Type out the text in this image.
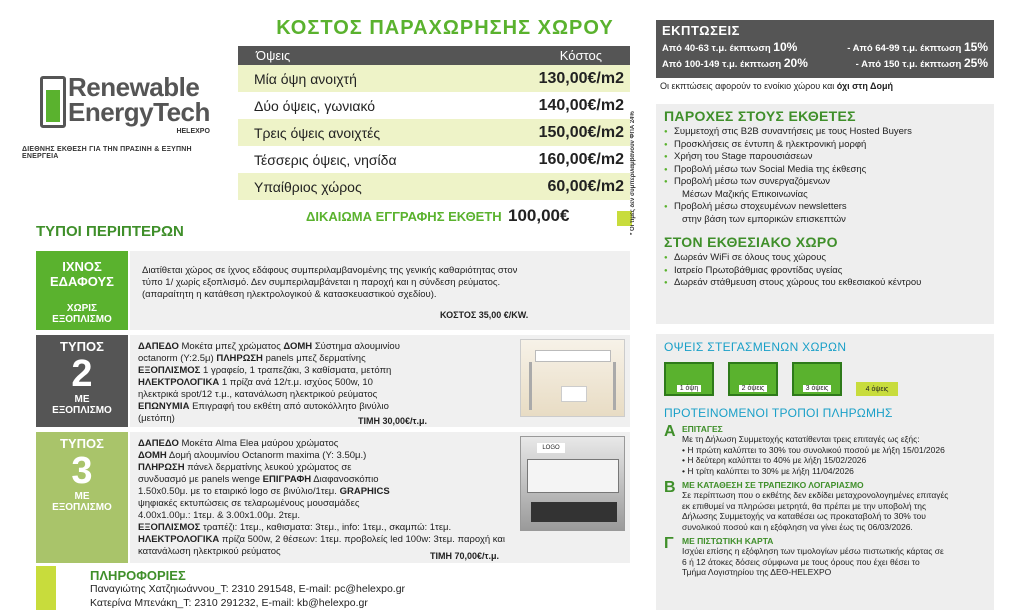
Renewable
EnergyTech
HELEXPO
ΔΙΕΘΝΗΣ ΕΚΘΕΣΗ ΓΙΑ ΤΗΝ ΠΡΑΣΙΝΗ & ΕΞΥΠΝΗ ΕΝΕΡΓΕΙΑ
ΚΟΣΤΟΣ ΠΑΡΑΧΩΡΗΣΗΣ ΧΩΡΟΥ
Όψεις	Κόστος
Μία όψη ανοιχτή	130,00€/m2
Δύο όψεις, γωνιακό	140,00€/m2
Τρεις όψεις ανοιχτές	150,00€/m2
Τέσσερις όψεις, νησίδα	160,00€/m2
Υπαίθριος χώρος	60,00€/m2
ΔΙΚΑΙΩΜΑ ΕΓΓΡΑΦΗΣ ΕΚΘΕΤΗ 100,00€	* Οι τιμές δεν συμπεριλαμβάνουν ΦΠΑ 24%
ΕΚΠΤΩΣΕΙΣ
Από 40-63 τ.μ. έκπτωση 10%	- Από 64-99 τ.μ. έκπτωση 15%
Από 100-149 τ.μ. έκπτωση 20%	- Από 150 τ.μ. έκπτωση 25%
Οι εκπτώσεις αφορούν το ενοίκιο χώρου και όχι στη Δομή
ΠΑΡΟΧΕΣ ΣΤΟΥΣ ΕΚΘΕΤΕΣ
● Συμμετοχή στις B2B συναντήσεις με τους Hosted Buyers
● Προσκλήσεις σε έντυπη & ηλεκτρονική μορφή
● Χρήση του Stage παρουσιάσεων
● Προβολή μέσω των Social Media της έκθεσης
● Προβολή μέσω των συνεργαζόμενων
Μέσων Μαζικής Επικοινωνίας
● Προβολή μέσω στοχευμένων newsletters
στην βάση των εμπορικών επισκεπτών
ΣΤΟΝ ΕΚΘΕΣΙΑΚΟ ΧΩΡΟ
● Δωρεάν WiFi σε όλους τους χώρους
● Ιατρείο Πρωτοβάθμιας φροντίδας υγείας
● Δωρεάν στάθμευση στους χώρους του εκθεσιακού κέντρου
ΤΥΠΟΙ ΠΕΡΙΠΤΕΡΩΝ
ΙΧΝΟΣ
ΕΔΑΦΟΥΣ
ΧΩΡΙΣ
ΕΞΟΠΛΙΣΜΟ
Διατίθεται χώρος σε ίχνος εδάφους συμπεριλαμβανομένης της γενικής καθαριότητας στον τύπο 1/ χωρίς εξοπλισμό. Δεν συμπεριλαμβάνεται η παροχή και η σύνδεση ρεύματος. (απαραίτητη η κατάθεση ηλεκτρολογικού & κατασκευαστικού σχεδίου).
ΚΟΣΤΟΣ 35,00 €/KW.
ΤΥΠΟΣ
2
ΜΕ
ΕΞΟΠΛΙΣΜΟ
ΔΑΠΕΔΟ Μοκέτα μπεζ χρώματος ΔΟΜΗ Σύστημα αλουμινίου octanorm (Y:2.5μ) ΠΛΗΡΩΣΗ panels μπεζ δερματίνης
ΕΞΟΠΛΙΣΜΟΣ 1 γραφείο, 1 τραπεζάκι, 3 καθίσματα, μετόπη
ΗΛΕΚΤΡΟΛΟΓΙΚΑ 1 πρίζα ανά 12/τ.μ. ισχύος 500w, 10 ηλεκτρικά spot/12 τ.μ., κατανάλωση ηλεκτρικού ρεύματος
ΕΠΩΝΥΜΙΑ Επιγραφή του εκθέτη από αυτοκόλλητο βινύλιο (μετόπη)	ΤΙΜΗ 30,00€/τ.μ.
ΤΥΠΟΣ
3
ΜΕ
ΕΞΟΠΛΙΣΜΟ
ΔΑΠΕΔΟ Μοκέτα Alma Elea μαύρου χρώματος
ΔΟΜΗ Δομή αλουμινίου Octanorm maxima (Y: 3.50μ.)
ΠΛΗΡΩΣΗ πάνελ δερματίνης λευκού χρώματος σε συνδυασμό με panels wenge ΕΠΙΓΡΑΦΗ Διαφανοσκόπιο 1.50x0.50μ. με το εταιρικό logo σε βινύλιο/1τεμ. GRAPHICS ψηφιακές εκτυπώσεις σε τελαρωμένους μουσαμάδες 4.00x1.00μ.: 1τεμ. & 3.00x1.00μ. 2τεμ.
ΕΞΟΠΛΙΣΜΟΣ τραπέζι: 1τεμ., καθισματα: 3τεμ., info: 1τεμ., σκαμπώ: 1τεμ. ΗΛΕΚΤΡΟΛΟΓΙΚΑ πρίζα 500w, 2 θέσεων: 1τεμ. προβολείς led 100w: 3τεμ. παροχή και κατανάλωση ηλεκτρικού ρεύματος	ΤΙΜΗ 70,00€/τ.μ.
LOGO
ΠΛΗΡΟΦΟΡΙΕΣ
Παναγιώτης Χατζηιωάννου_T: 2310 291548, E-mail: pc@helexpo.gr
Κατερίνα Μπενάκη_T: 2310 291232, E-mail: kb@helexpo.gr
ΟΨΕΙΣ ΣΤΕΓΑΣΜΕΝΩΝ ΧΩΡΩΝ
1 όψη	2 όψεις	3 όψεις	4 όψεις
ΠΡΟΤΕΙΝΟΜΕΝΟΙ ΤΡΟΠΟΙ ΠΛΗΡΩΜΗΣ
Α ΕΠΙΤΑΓΕΣ
Με τη Δήλωση Συμμετοχής κατατίθενται τρεις επιταγές ως εξής:
• Η πρώτη καλύπτει το 30% του συνολικού ποσού με λήξη 15/01/2026
• Η δεύτερη καλύπτει το 40% με λήξη 15/02/2026
• Η τρίτη καλύπτει το 30% με λήξη 11/04/2026
Β ΜΕ ΚΑΤΑΘΕΣΗ ΣΕ ΤΡΑΠΕΖΙΚΟ ΛΟΓΑΡΙΑΣΜΟ
Σε περίπτωση που ο εκθέτης δεν εκδίδει μεταχρονολογημένες επιταγές
εκ επιθυμεί να πληρώσει μετρητά, θα πρέπει με την υποβολή της
Δήλωσης Συμμετοχής να καταθέσει ως προκαταβολή το 30% του
συνολικού ποσού και η εξόφληση να γίνει έως τις 06/03/2026.
Γ ΜΕ ΠΙΣΤΩΤΙΚΗ ΚΑΡΤΑ
Ισχύει επίσης η εξόφληση των τιμολογίων μέσω πιστωτικής κάρτας σε
6 ή 12 άτοκες δόσεις σύμφωνα με τους όρους που έχει θέσει το
Τμήμα Λογιστηρίου της ΔΕΘ-HELEXPO
